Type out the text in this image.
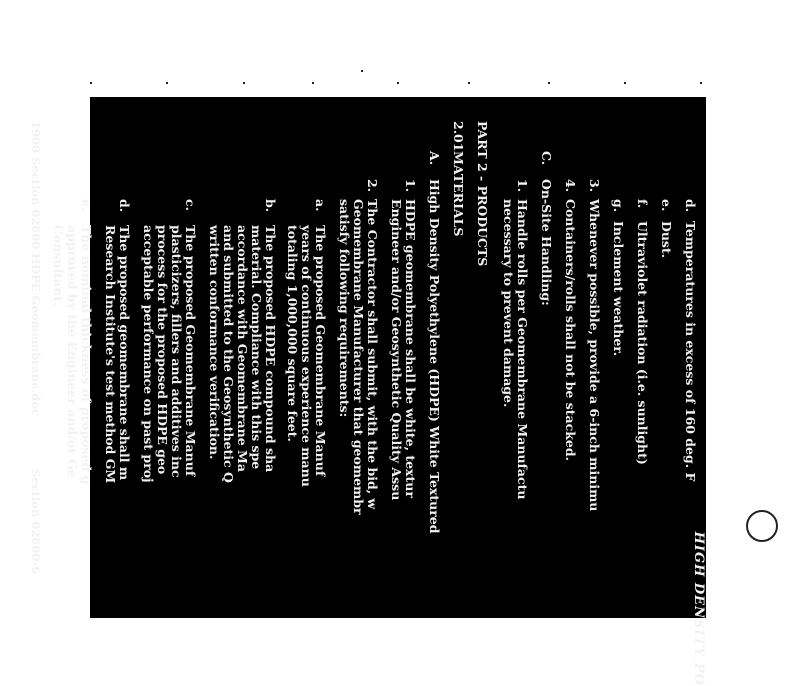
HIGH DENSITY PO
d.
Temperatures in excess of 160 deg. F
e.
Dust.
f.
Ultraviolet radiation (i.e. sunlight)
g.
Inclement weather.
3.
Whenever possible, provide a 6-inch minimu
4.
Containers/rolls shall not be stacked.
C.
On-Site Handling:
1.
Handle rolls per Geomembrane Manufactu
necessary to prevent damage.
PART 2 - PRODUCTS
2.01
MATERIALS
A.
High Density Polyethylene (HDPE) White Textured
1.
HDPE geomembrane shall be white, textur
Engineer and/or Geosynthetic Quality Assu
2.
The Contractor shall submit, with the bid, w
Geomembrane Manufacturer that geomembr
satisfy following requirements:
a.
The proposed Geomembrane Manuf
years of continuous experience manu
totaling 1,000,000 square feet.
b.
The proposed HDPE compound sha
material. Compliance with this spe
accordance with Geomembrane Ma
and submitted to the Geosynthetic Q
written conformance verification.
c.
The proposed Geomembrane Manuf
plasticizers, fillers and additives inc
process for the proposed HDPE geo
acceptable performance on past proj
d.
The proposed geomembrane shall m
Research Institute's test method GM
e.
The nominal thickness of proposed g
approved by the Engineer and/or Ge
Consultant.
1900 Section 02600 HDPE Geomembrane.doc
Section 02600-6
